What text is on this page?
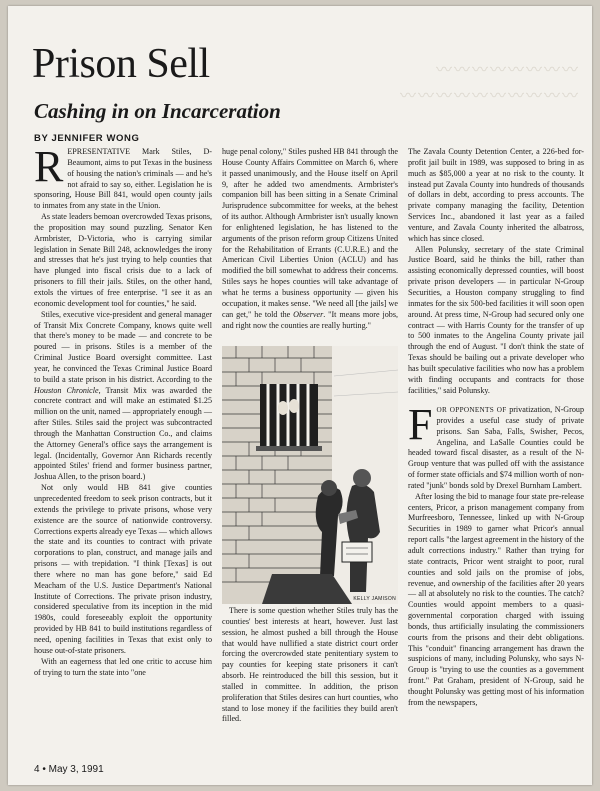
〰〰〰〰〰〰〰〰
〰〰〰〰〰〰〰〰〰〰
Prison Sell
Cashing in on Incarceration
BY JENNIFER WONG

REPRESENTATIVE Mark Stiles, D-Beaumont, aims to put Texas in the business of housing the nation's criminals — and he's not afraid to say so, either. Legislation he is sponsoring, House Bill 841, would open county jails to inmates from any state in the Union.

As state leaders bemoan overcrowded Texas prisons, the proposition may sound puzzling. Senator Ken Armbrister, D-Victoria, who is carrying similar legislation in Senate Bill 248, acknowledges the irony and stresses that he's just trying to help counties that have plunged into fiscal crisis due to a lack of prisoners to fill their jails. Stiles, on the other hand, extols the virtues of free enterprise. "I see it as an economic development tool for counties," he said.

Stiles, executive vice-president and general manager of Transit Mix Concrete Company, knows quite well that there's money to be made — and concrete to be poured — in prisons. Stiles is a member of the Criminal Justice Board oversight committee. Last year, he convinced the Texas Criminal Justice Board to build a state prison in his district. According to the Houston Chronicle, Transit Mix was awarded the concrete contract and will make an estimated $1.25 million on the unit, named — appropriately enough — after Stiles. Stiles said the project was subcontracted through the Manhattan Construction Co., and claims the Attorney General's office says the arrangement is legal. (Incidentally, Governor Ann Richards recently appointed Stiles' friend and former business partner, Joshua Allen, to the prison board.)

Not only would HB 841 give counties unprecedented freedom to seek prison contracts, but it extends the privilege to private prisons, whose very existence are the source of nationwide controversy. Corrections experts already eye Texas — which allows the state and its counties to contract with private corporations to plan, construct, and manage jails and prisons — with trepidation. "I think [Texas] is out there where no man has gone before," said Ed Meacham of the U.S. Justice Department's National Institute of Corrections. The private prison industry, considered speculative from its inception in the mid 1980s, could foreseeably exploit the opportunity provided by HB 841 to build institutions regardless of need, opening facilities in Texas that exist only to house out-of-state prisoners.

With an eagerness that led one critic to accuse him of trying to turn the state into "one

huge penal colony," Stiles pushed HB 841 through the House County Affairs Committee on March 6, where it passed unanimously, and the House itself on April 9, after he added two amendments. Armbrister's companion bill has been sitting in a Senate Criminal Jurisprudence subcommittee for weeks, at the behest of its author. Although Armbrister isn't usually known for enlightened legislation, he has listened to the arguments of the prison reform group Citizens United for the Rehabilitation of Errants (C.U.R.E.) and the American Civil Liberties Union (ACLU) and has modified the bill somewhat to address their concerns. Stiles says he hopes counties will take advantage of what he terms a business opportunity — given his occupation, it makes sense. "We need all [the jails] we can get," he told the Observer. "It means more jobs, and right now the counties are really hurting."

KELLY JAMISON

There is some question whether Stiles truly has the counties' best interests at heart, however. Just last session, he almost pushed a bill through the House that would have nullified a state district court order forcing the overcrowded state penitentiary system to pay counties for keeping state prisoners it can't absorb. He reintroduced the bill this session, but it stalled in committee. In addition, the prison proliferation that Stiles desires can hurt counties, who stand to lose money if the facilities they build aren't filled.

The Zavala County Detention Center, a 226-bed for-profit jail built in 1989, was supposed to bring in as much as $85,000 a year at no risk to the county. It instead put Zavala County into hundreds of thousands of dollars in debt, according to press accounts. The private company managing the facility, Detention Services Inc., abandoned it last year as a failed venture, and Zavala County inherited the albatross, which has since closed.

Allen Polunsky, secretary of the state Criminal Justice Board, said he thinks the bill, rather than assisting economically depressed counties, will boost private prison developers — in particular N-Group Securities, a Houston company struggling to find inmates for the six 500-bed facilities it will soon open around. At press time, N-Group had secured only one contract — with Harris County for the transfer of up to 500 inmates to the Angelina County private jail through the end of August. "I don't think the state of Texas should be bailing out a private developer who has built speculative facilities who now has a problem with finding occupants and contracts for those facilities," said Polunsky.

FOR OPPONENTS OF privatization, N-Group provides a useful case study of private prisons. San Saba, Falls, Swisher, Pecos, Angelina, and LaSalle Counties could be headed toward fiscal disaster, as a result of the N-Group venture that was pulled off with the assistance of former state officials and $74 million worth of non-rated "junk" bonds sold by Drexel Burnham Lambert.

After losing the bid to manage four state pre-release centers, Pricor, a prison management company from Murfreesboro, Tennessee, linked up with N-Group Securities in 1989 to garner what Pricor's annual report calls "the largest agreement in the history of the adult corrections industry." Rather than trying for state contracts, Pricor went straight to poor, rural counties and sold jails on the promise of jobs, revenue, and ownership of the facilities after 20 years — all at absolutely no risk to the counties. The catch? Counties would appoint members to a quasi-governmental corporation charged with issuing bonds, thus artificially insulating the commissioners courts from the prisons and their debt obligations. This "conduit" financing arrangement has drawn the suspicions of many, including Polunsky, who says N-Group is "trying to use the counties as a government front." Pat Graham, president of N-Group, said he thought Polunsky was getting most of his information from the newspapers,

4 • May 3, 1991
